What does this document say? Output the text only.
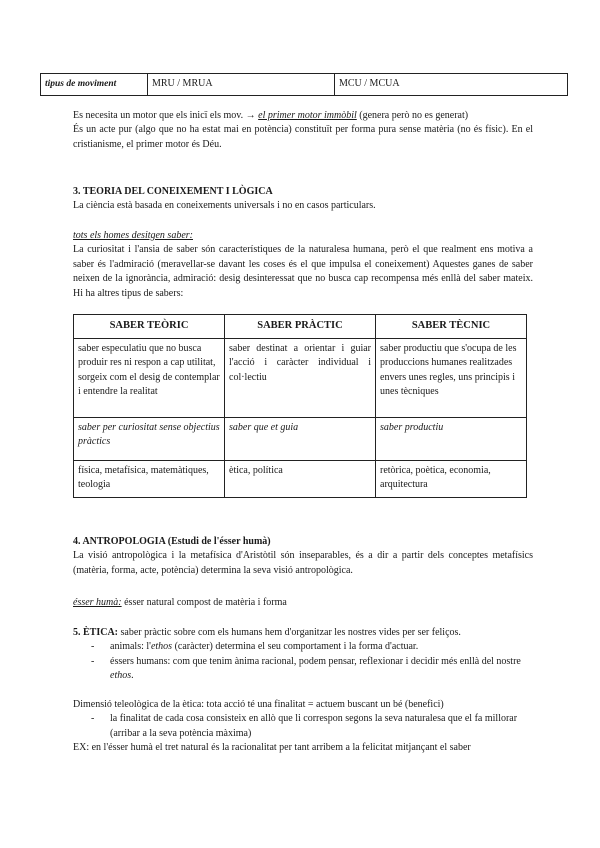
tipus de moviment	MRU / MRUA	MCU / MCUA

Es necesita un motor que els inicï els mov. → el primer motor immòbil (genera però no es generat)

És un acte pur (algo que no ha estat mai en potència) constituït per forma pura sense matèria (no és físic). En el cristianisme, el primer motor és Déu.

3. TEORIA DEL CONEIXEMENT I LÒGICA

La ciència està basada en coneixements universals i no en casos particulars.

tots els homes desitgen saber:

La curiositat i l'ansia de saber són característiques de la naturalesa humana, però el que realment ens motiva a saber és l'admiració (meravellar-se davant les coses és el que impulsa el coneixement) Aquestes ganes de saber neixen de la ignorància, admiració: desig desinteressat que no busca cap recompensa més enllà del saber mateix. Hi ha altres tipus de sabers:

SABER TEÒRIC	SABER PRÀCTIC	SABER TÈCNIC
saber especulatiu que no busca produir res ni respon a cap utilitat, sorgeix com el desig de contemplar i entendre la realitat	saber destinat a orientar i guiar l'acció i caràcter individual i col·lectiu	saber productiu que s'ocupa de les produccions humanes realitzades envers unes regles, uns principis i unes tècniques
saber per curiositat sense objectius pràctics	saber que et guia	saber productiu
física, metafísica, matemàtiques, teologia	ètica, política	retòrica, poètica, economia, arquitectura

4. ANTROPOLOGIA (Estudi de l'ésser humà)

La visió antropològica i la metafísica d'Aristòtil són inseparables, és a dir a partir dels conceptes metafísics (matèria, forma, acte, potència) determina la seva visió antropològica.

ésser humà: ésser natural compost de matèria i forma

5. ÈTICA: saber pràctic sobre com els humans hem d'organitzar les nostres vides per ser feliços.

- animals: l'ethos (caràcter) determina el seu comportament i la forma d'actuar.
- éssers humans: com que tenim ànima racional, podem pensar, reflexionar i decidir més enllà del nostre ethos.

Dimensió teleològica de la ètica: tota acció té una finalitat = actuem buscant un bé (benefici)

- la finalitat de cada cosa consisteix en allò que li correspon segons la seva naturalesa que el fa millorar (arribar a la seva potència màxima)

EX: en l'ésser humà el tret natural és la racionalitat per tant arribem a la felicitat mitjançant el saber
